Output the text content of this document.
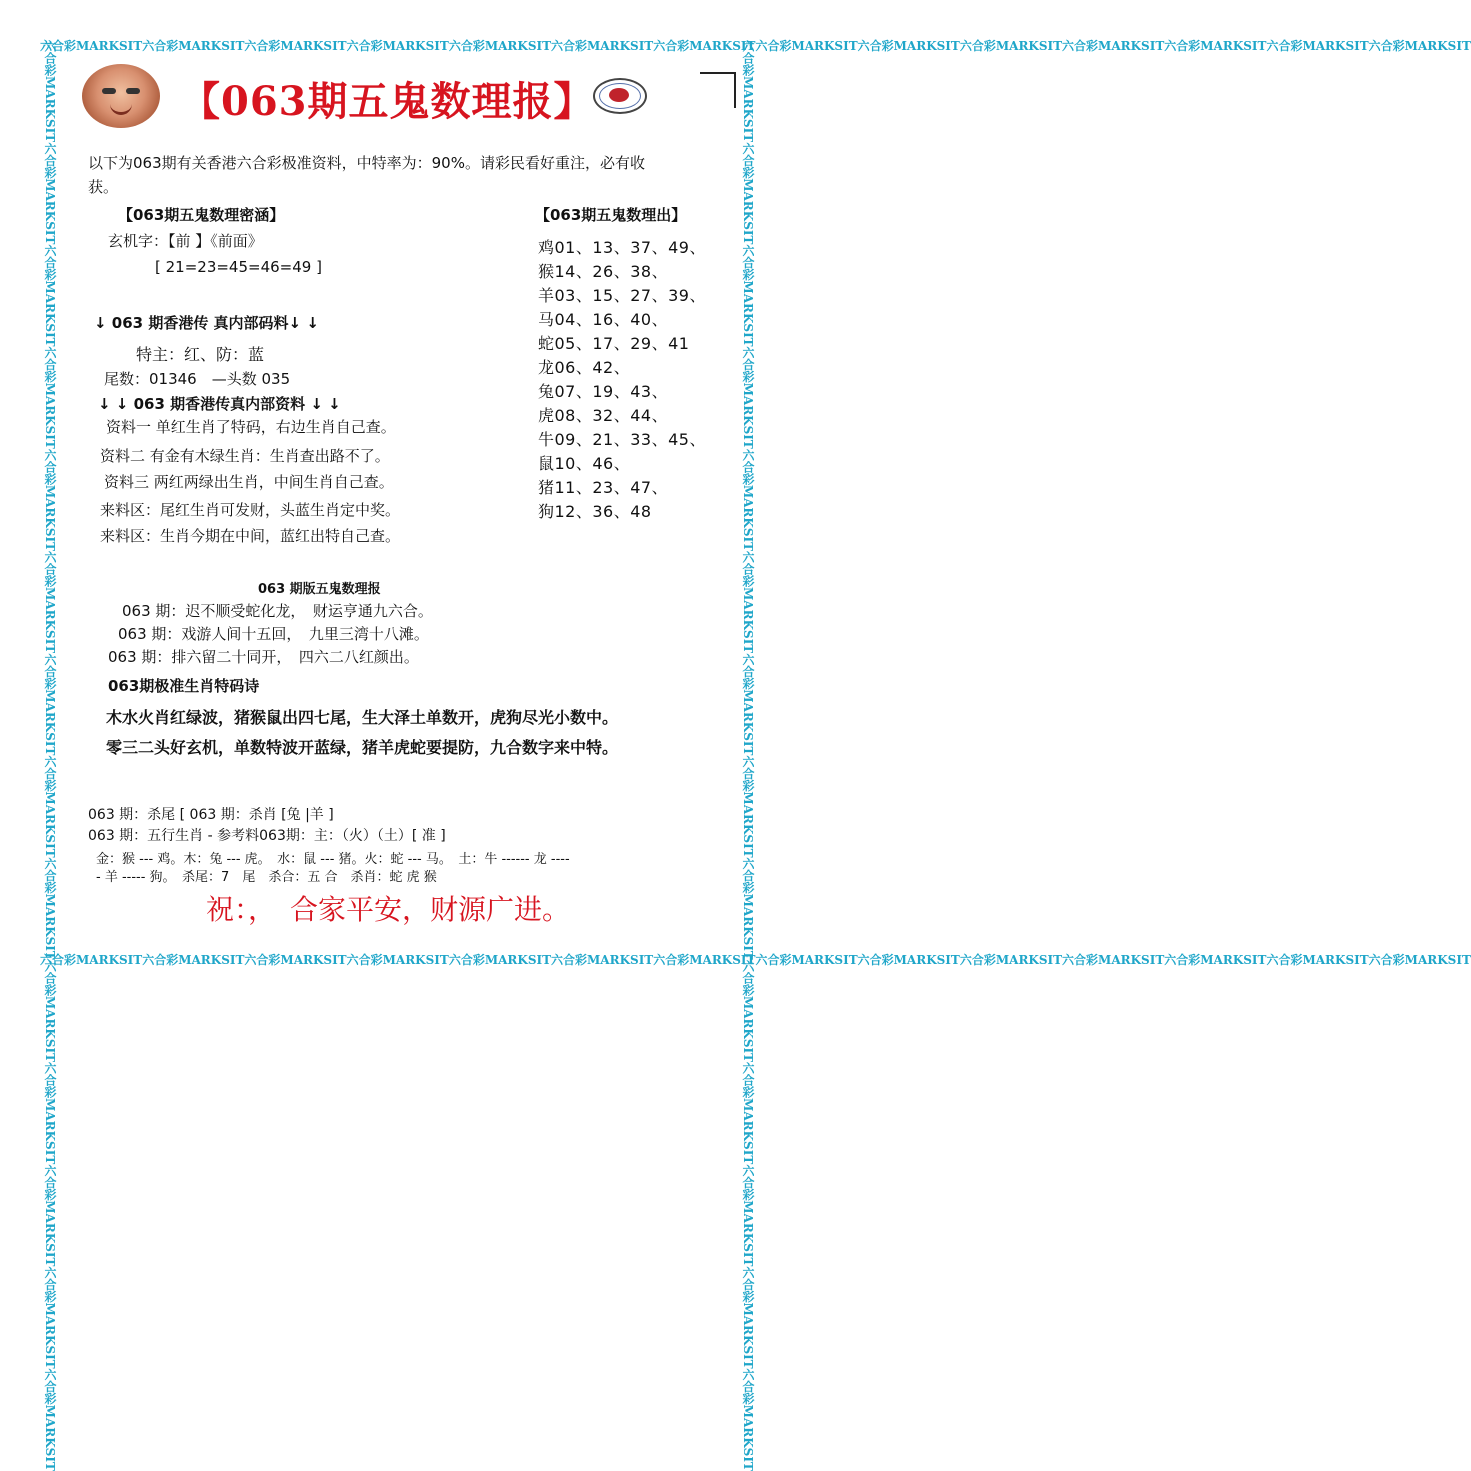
六合彩MARKSIT六合彩MARKSIT六合彩MARKSIT六合彩MARKSIT六合彩MARKSIT六合彩MARKSIT六合彩MARKSIT六合彩MARKSIT六合彩MARKSIT六合彩MARKSIT六合彩MARKSIT六合彩MARKSIT六合彩MARKSIT六合彩MARKSIT
六合彩MARKSIT六合彩MARKSIT六合彩MARKSIT六合彩MARKSIT六合彩MARKSIT六合彩MARKSIT六合彩MARKSIT六合彩MARKSIT六合彩MARKSIT六合彩MARKSIT六合彩MARKSIT六合彩MARKSIT六合彩MARKSIT六合彩MARKSIT
六合彩MARKSIT六合彩MARKSIT六合彩MARKSIT六合彩MARKSIT六合彩MARKSIT六合彩MARKSIT六合彩MARKSIT六合彩MARKSIT六合彩MARKSIT六合彩MARKSIT六合彩MARKSIT六合彩MARKSIT六合彩MARKSIT六合彩MARKSIT	六合彩MARKSIT六合彩MARKSIT六合彩MARKSIT六合彩MARKSIT六合彩MARKSIT六合彩MARKSIT六合彩MARKSIT六合彩MARKSIT六合彩MARKSIT六合彩MARKSIT六合彩MARKSIT六合彩MARKSIT六合彩MARKSIT六合彩MARKSIT
【063期五鬼数理报】
以下为063期有关香港六合彩极准资料，中特率为：90%。请彩民看好重注，必有收
获。
【063期五鬼数理密涵】
玄机字：【前 】《前面》
[ 21=23=45=46=49 ]
↓ 063 期香港传 真内部码料↓ ↓
特主：红、防：蓝
尾数：01346　—头数 035
↓ ↓ 063 期香港传真内部资料 ↓ ↓
资料一 单红生肖了特码，右边生肖自己查。
资料二 有金有木绿生肖：生肖查出路不了。
资料三 两红两绿出生肖，中间生肖自己查。
来料区：尾红生肖可发财，头蓝生肖定中奖。
来料区：生肖今期在中间，蓝红出特自己查。
【063期五鬼数理出】
鸡01、13、37、49、
猴14、26、38、
羊03、15、27、39、
马04、16、40、
蛇05、17、29、41
龙06、42、
兔07、19、43、
虎08、32、44、
牛09、21、33、45、
鼠10、46、
猪11、23、47、
狗12、36、48
063 期版五鬼数理报
063 期：迟不顺受蛇化龙，　财运亨通九六合。
063 期：戏游人间十五回，　九里三湾十八滩。
063 期：排六留二十同开，　四六二八红颜出。
063期极准生肖特码诗
木水火肖红绿波，猪猴鼠出四七尾，生大泽土单数开，虎狗尽光小数中。
零三二头好玄机，单数特波开蓝绿，猪羊虎蛇要提防，九合数字来中特。
063 期：杀尾 [ 063 期：杀肖 [兔 |羊 ]
063 期：五行生肖 - 参考料063期：主：（火）（土）[ 准 ]
金：猴 --- 鸡。木：兔 --- 虎。　水：鼠 --- 猪。火：蛇 --- 马。　土：牛 ------ 龙 ----
- 羊 ----- 狗。　杀尾：7　尾　杀合：五 合　杀肖：蛇 虎 猴
祝：，　合家平安，财源广进。
